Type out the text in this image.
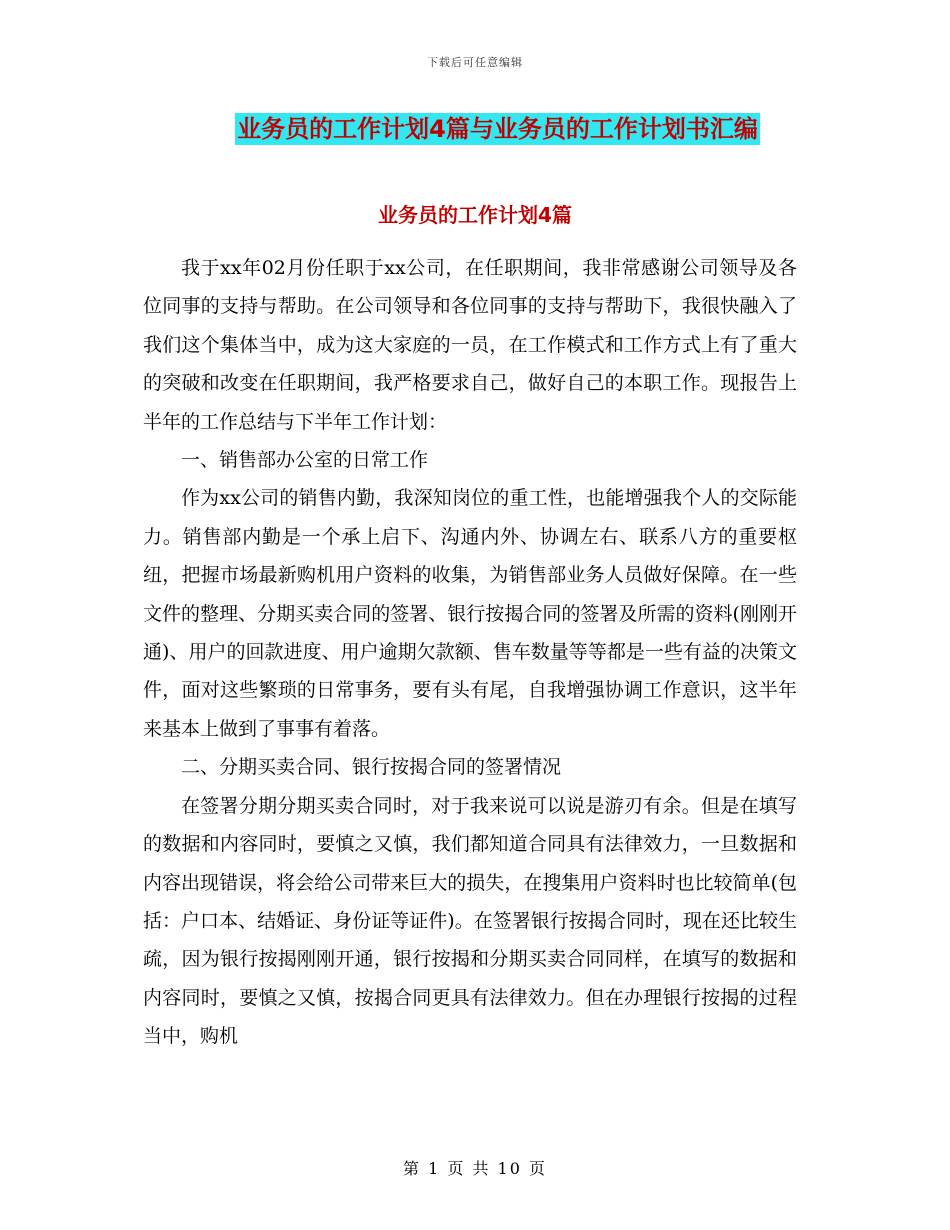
下载后可任意编辑
业务员的工作计划4篇与业务员的工作计划书汇编
业务员的工作计划4篇

我于xx年02月份任职于xx公司，在任职期间，我非常感谢公司领导及各位同事的支持与帮助。在公司领导和各位同事的支持与帮助下，我很快融入了我们这个集体当中，成为这大家庭的一员，在工作模式和工作方式上有了重大的突破和改变在任职期间，我严格要求自己，做好自己的本职工作。现报告上半年的工作总结与下半年工作计划：

一、销售部办公室的日常工作

作为xx公司的销售内勤，我深知岗位的重工性，也能增强我个人的交际能力。销售部内勤是一个承上启下、沟通内外、协调左右、联系八方的重要枢纽，把握市场最新购机用户资料的收集，为销售部业务人员做好保障。在一些文件的整理、分期买卖合同的签署、银行按揭合同的签署及所需的资料(刚刚开通)、用户的回款进度、用户逾期欠款额、售车数量等等都是一些有益的决策文件，面对这些繁琐的日常事务，要有头有尾，自我增强协调工作意识，这半年来基本上做到了事事有着落。

二、分期买卖合同、银行按揭合同的签署情况

在签署分期分期买卖合同时，对于我来说可以说是游刃有余。但是在填写的数据和内容同时，要慎之又慎，我们都知道合同具有法律效力，一旦数据和内容出现错误，将会给公司带来巨大的损失，在搜集用户资料时也比较简单(包括：户口本、结婚证、身份证等证件)。在签署银行按揭合同时，现在还比较生疏，因为银行按揭刚刚开通，银行按揭和分期买卖合同同样，在填写的数据和内容同时，要慎之又慎，按揭合同更具有法律效力。但在办理银行按揭的过程当中，购机

第 1 页 共 10 页
